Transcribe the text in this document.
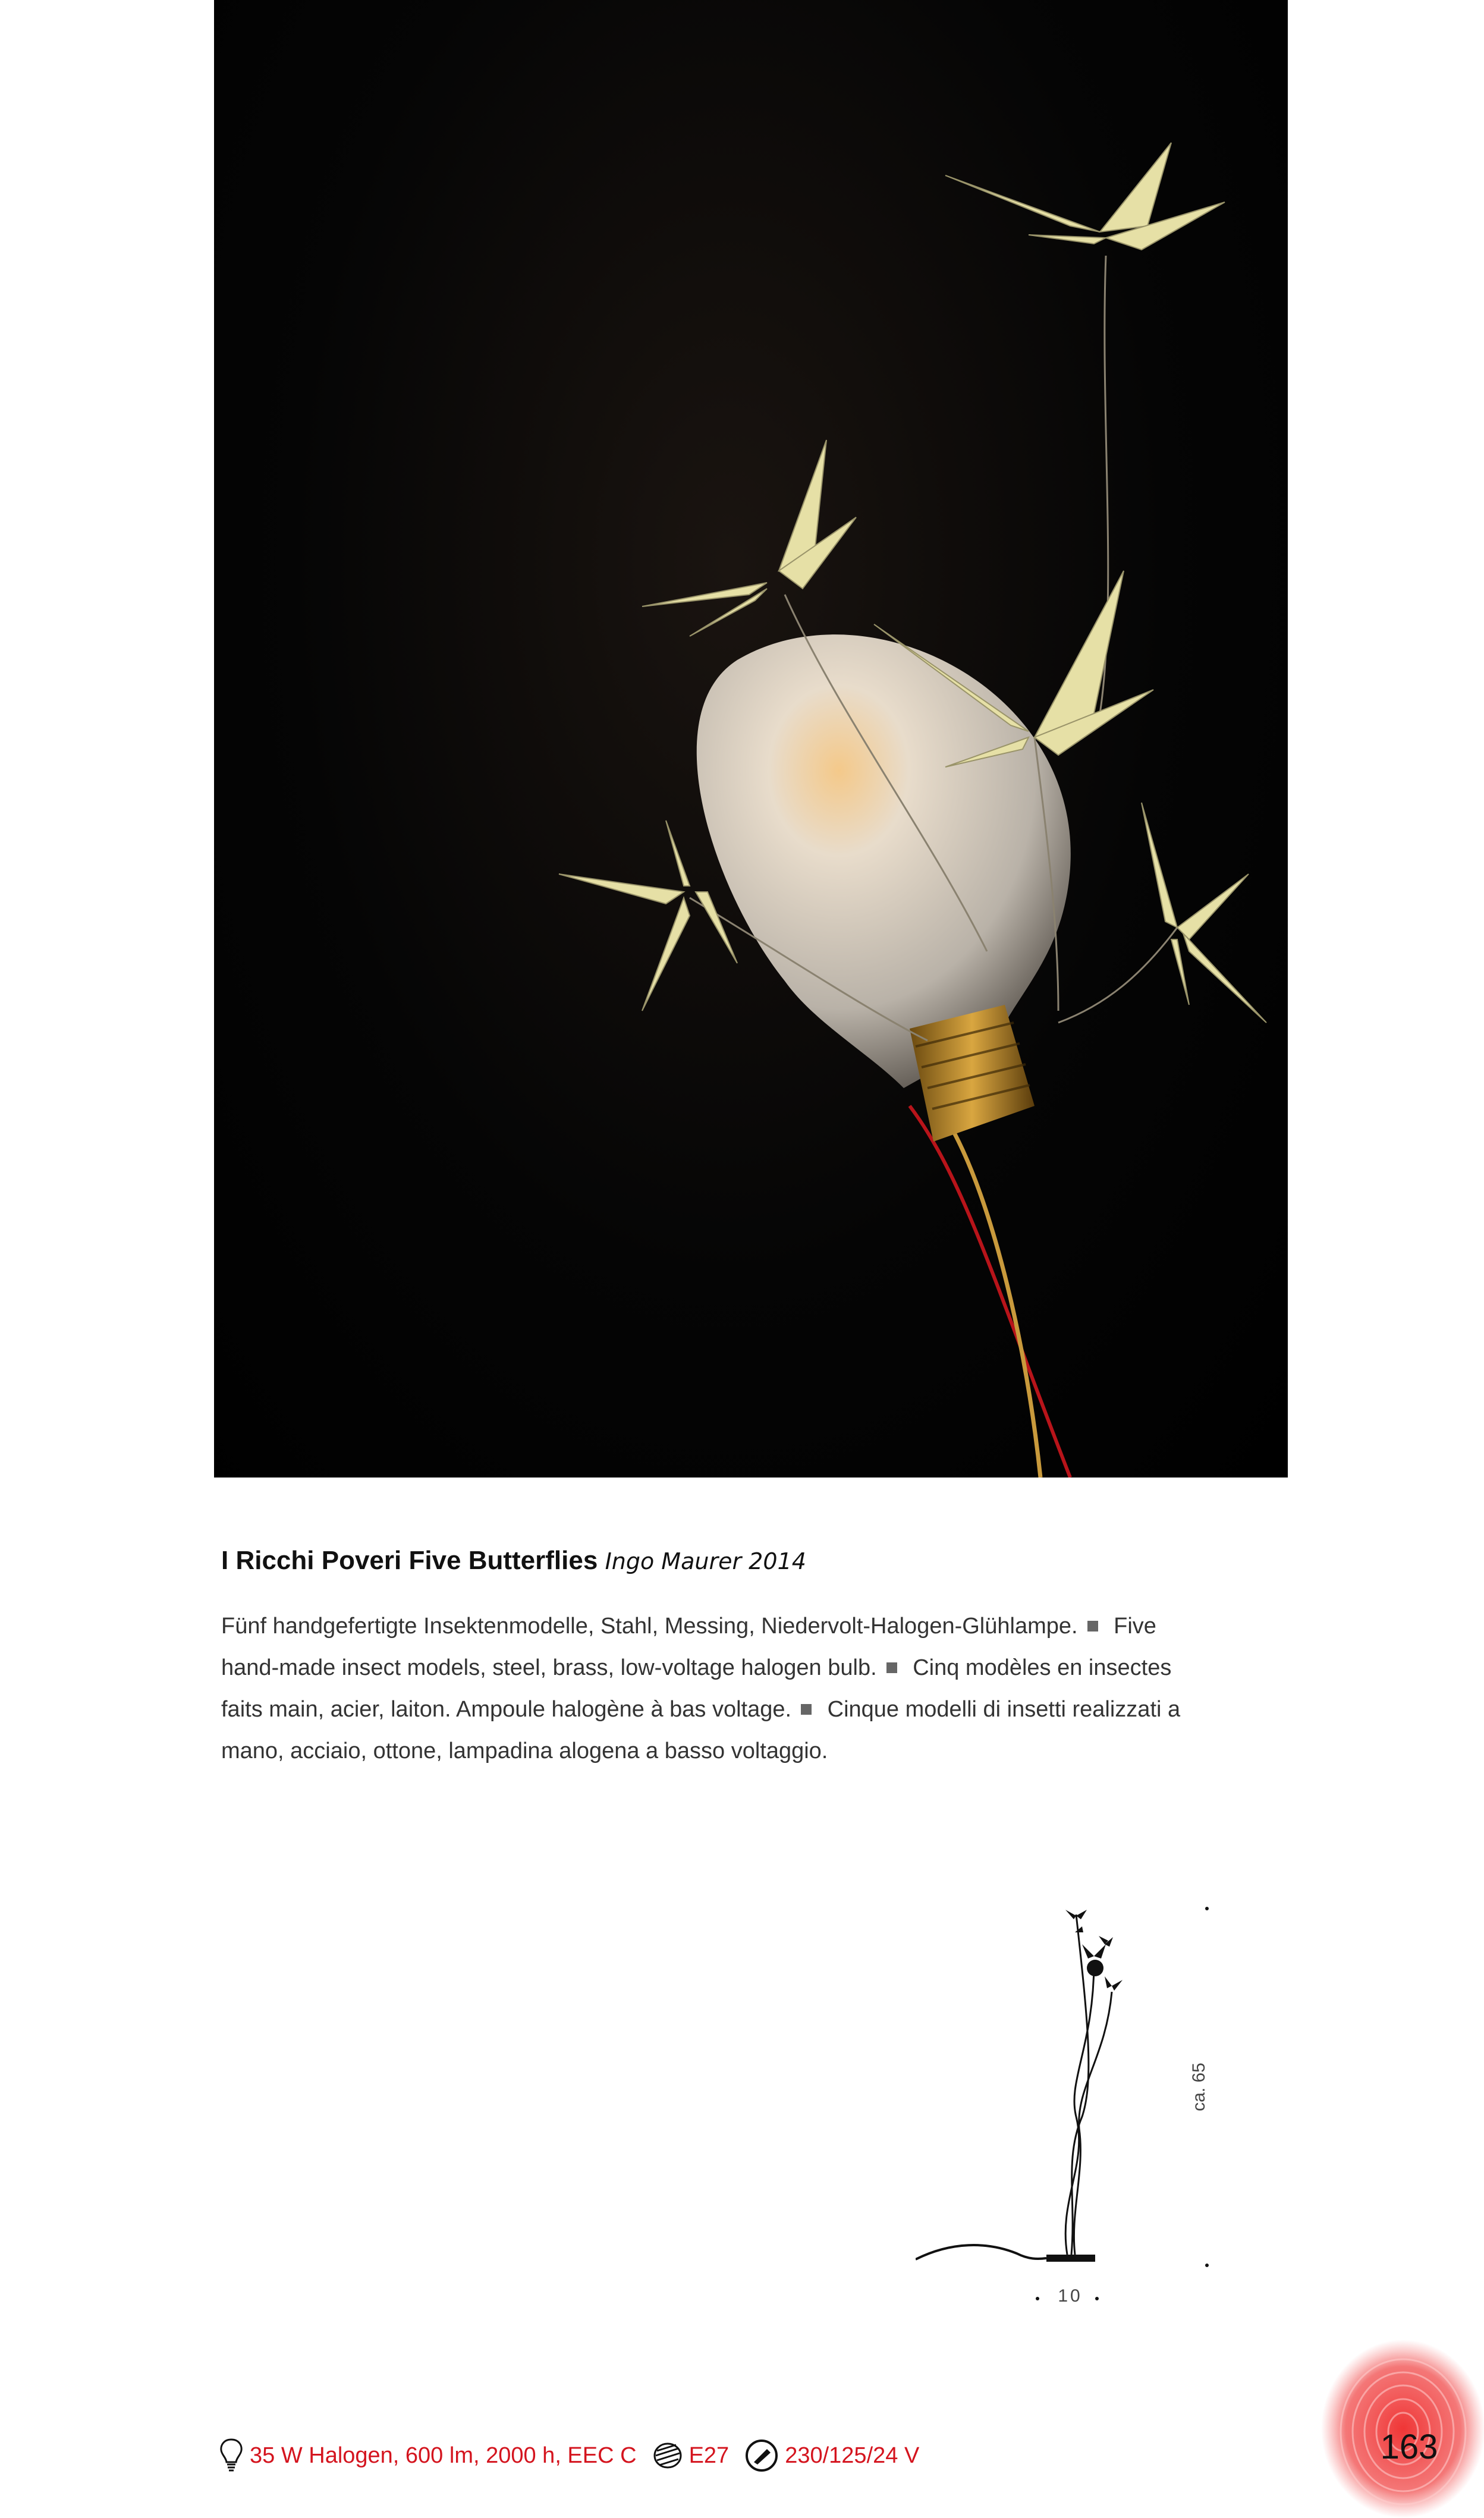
I Ricchi Poveri Five Butterflies Ingo Maurer 2014
Fünf handgefertigte Insektenmodelle, Stahl, Messing, Niedervolt-Halogen-Glühlampe. Five hand-made insect models, steel, brass, low-voltage halogen bulb. Cinq modèles en insectes faits main, acier, laiton. Ampoule halogène à bas voltage. Cinque modelli di insetti realizzati a mano, acciaio, ottone, lampadina alogena a basso voltaggio.
10
ca. 65
35 W Halogen, 600 lm, 2000 h, EEC C E27 230/125/24 V	163
